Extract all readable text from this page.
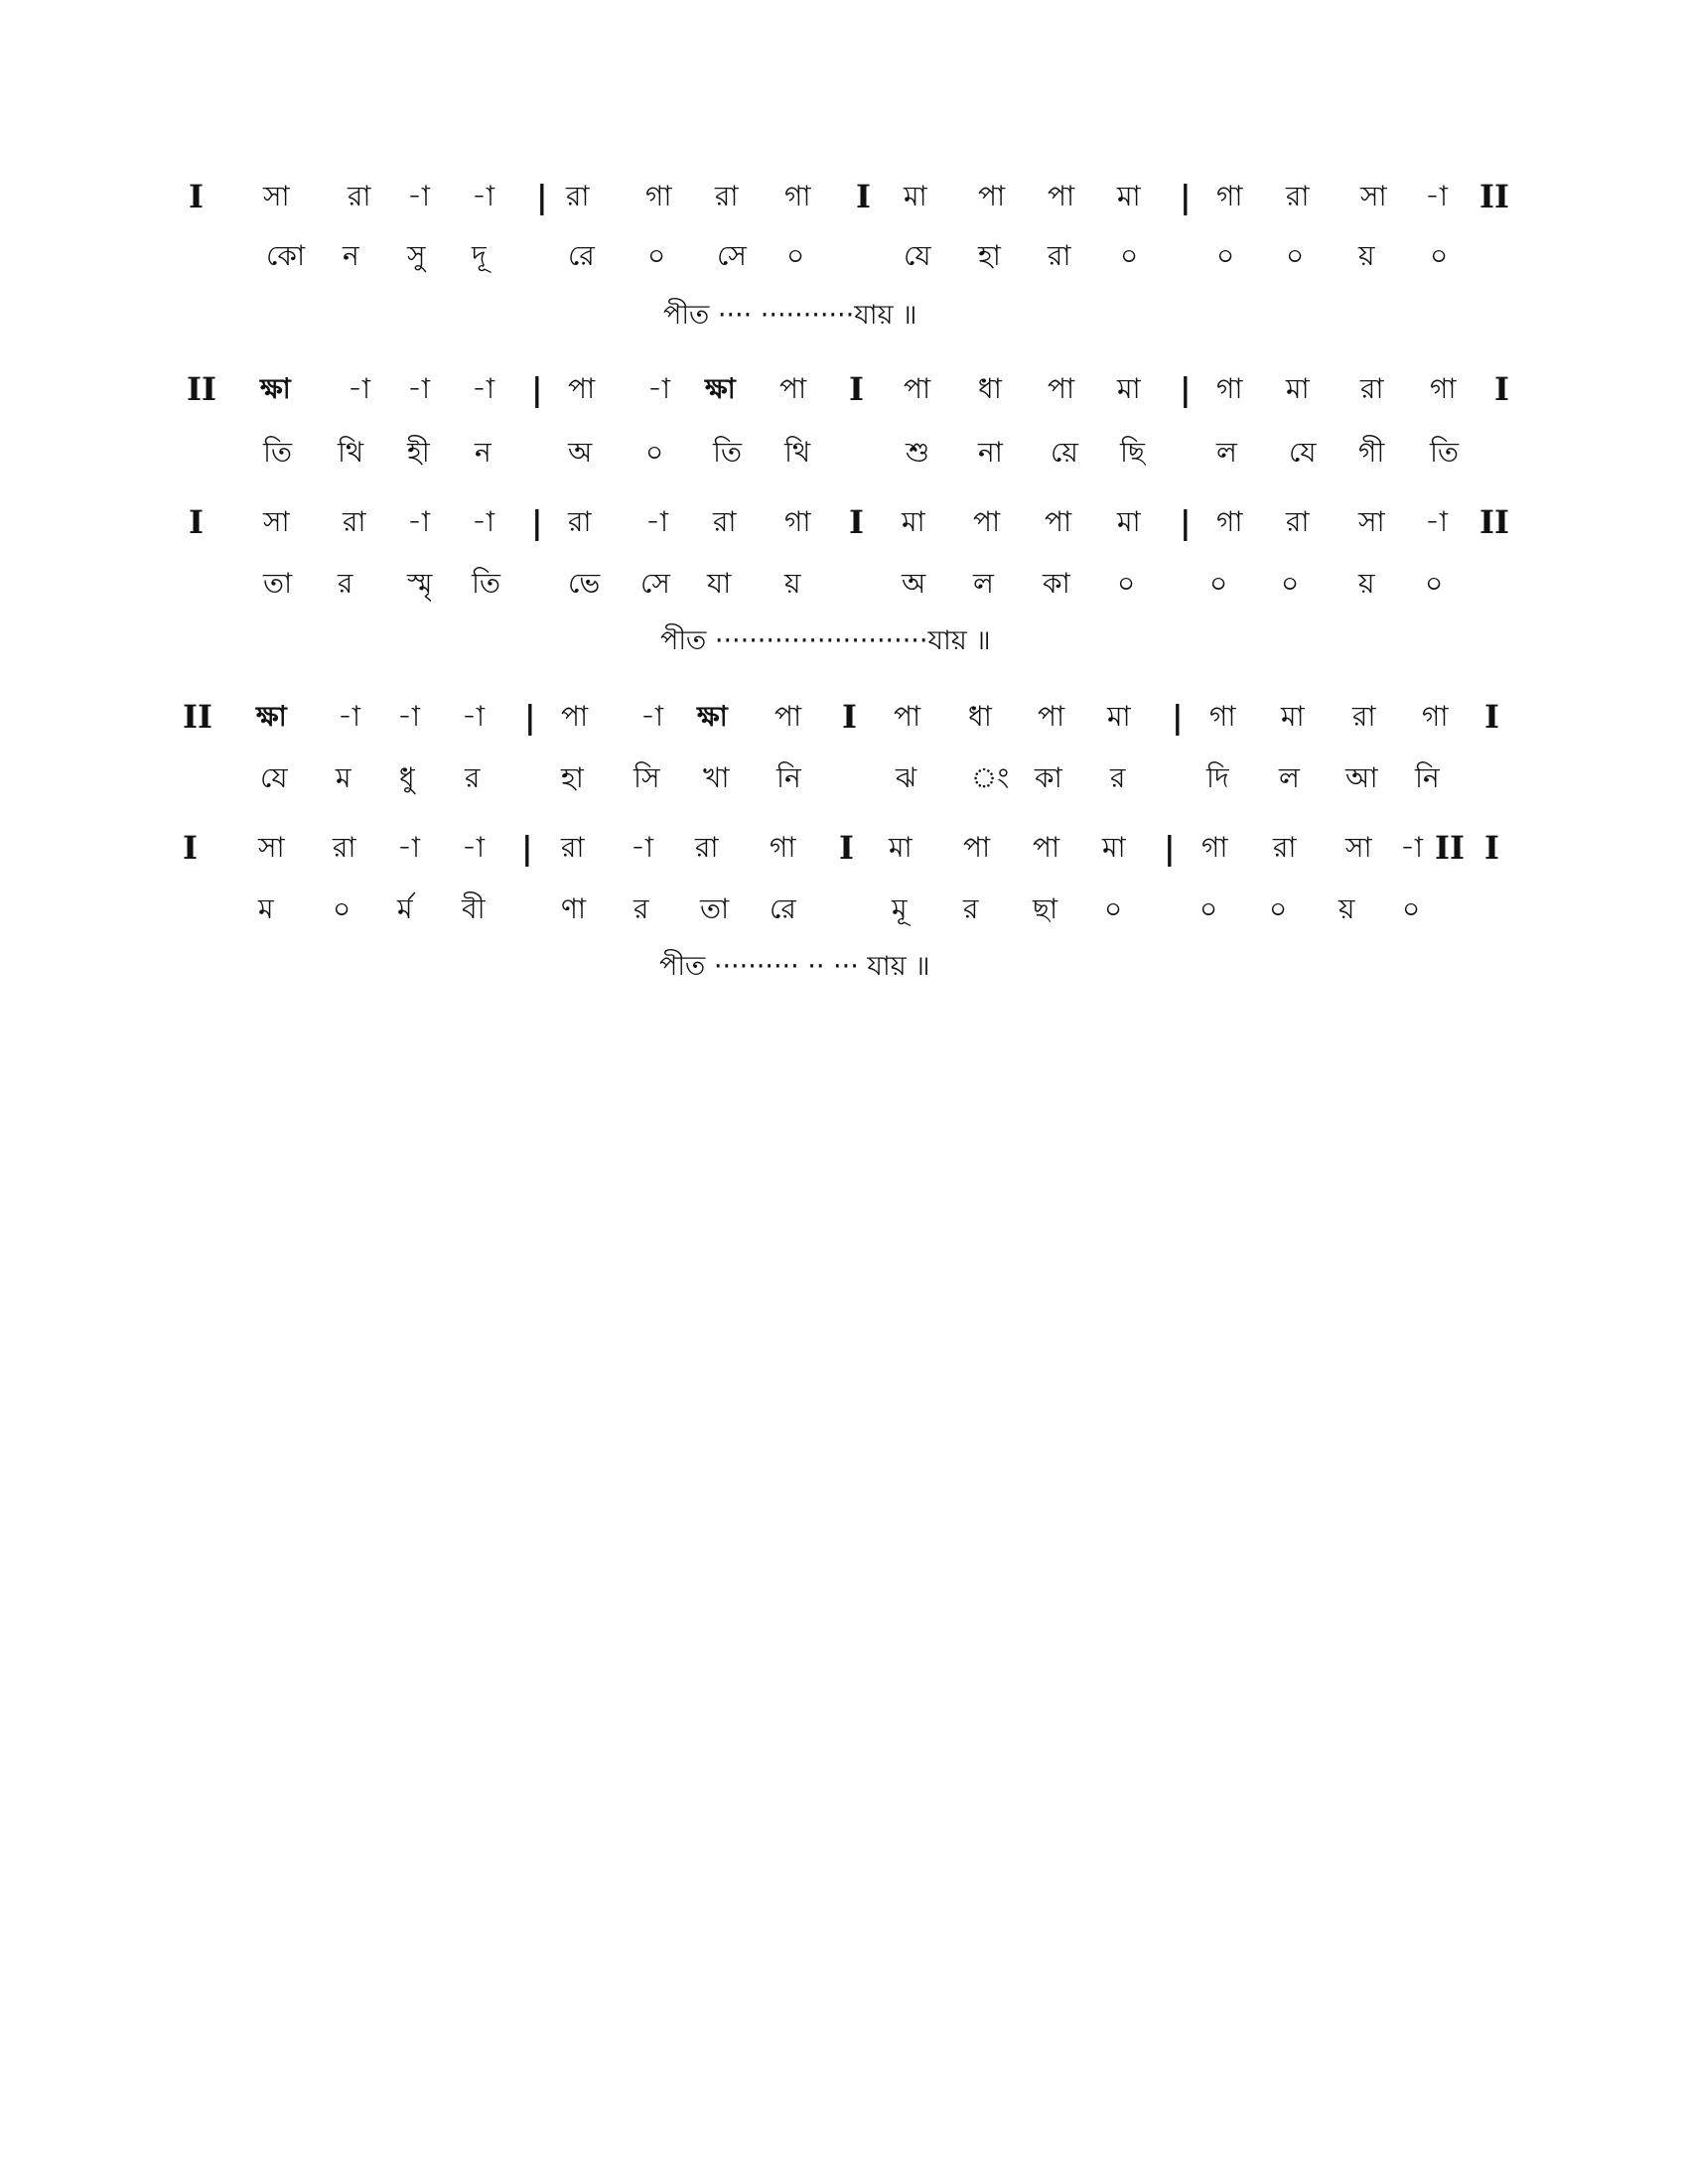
I সা রা -া -া | রা গা রা গা I মা পা পা মা | গা রা সা -া II
কো ন সু দূ	রে ০ সে ০	যে হা রা ০	০ ০ য় ০
পীত ···· ···········যায় ॥
II ক্ষা -া -া -া | পা -া ক্ষা পা I পা ধা পা মা | গা মা রা গা I
তি থি হী ন	অ ০ তি থি	শু না য়ে ছি	ল যে গী তি
I সা রা -া -া | রা -া রা গা I মা পা পা মা | গা রা সা -া II
তা র স্মৃ তি ভে সে যা য়	অ ল কা ০	০ ০ য় ০
পীত ·························যায় ॥
II ক্ষা -া -া -া | পা -া ক্ষা পা I পা ধা পা মা | গা মা রা গা I
যে ম ধু র	হা সি খা নি	ঝ ং কা র	দি ল আ নি
I সা রা -া -া | রা -া রা গা I মা পা পা মা | গা রা সা -া II I
ম ০ র্ম বী	ণা র তা রে	মূ র ছা ০	০ ০ য় ০
পীত ·········· ·· ··· যায় ॥
